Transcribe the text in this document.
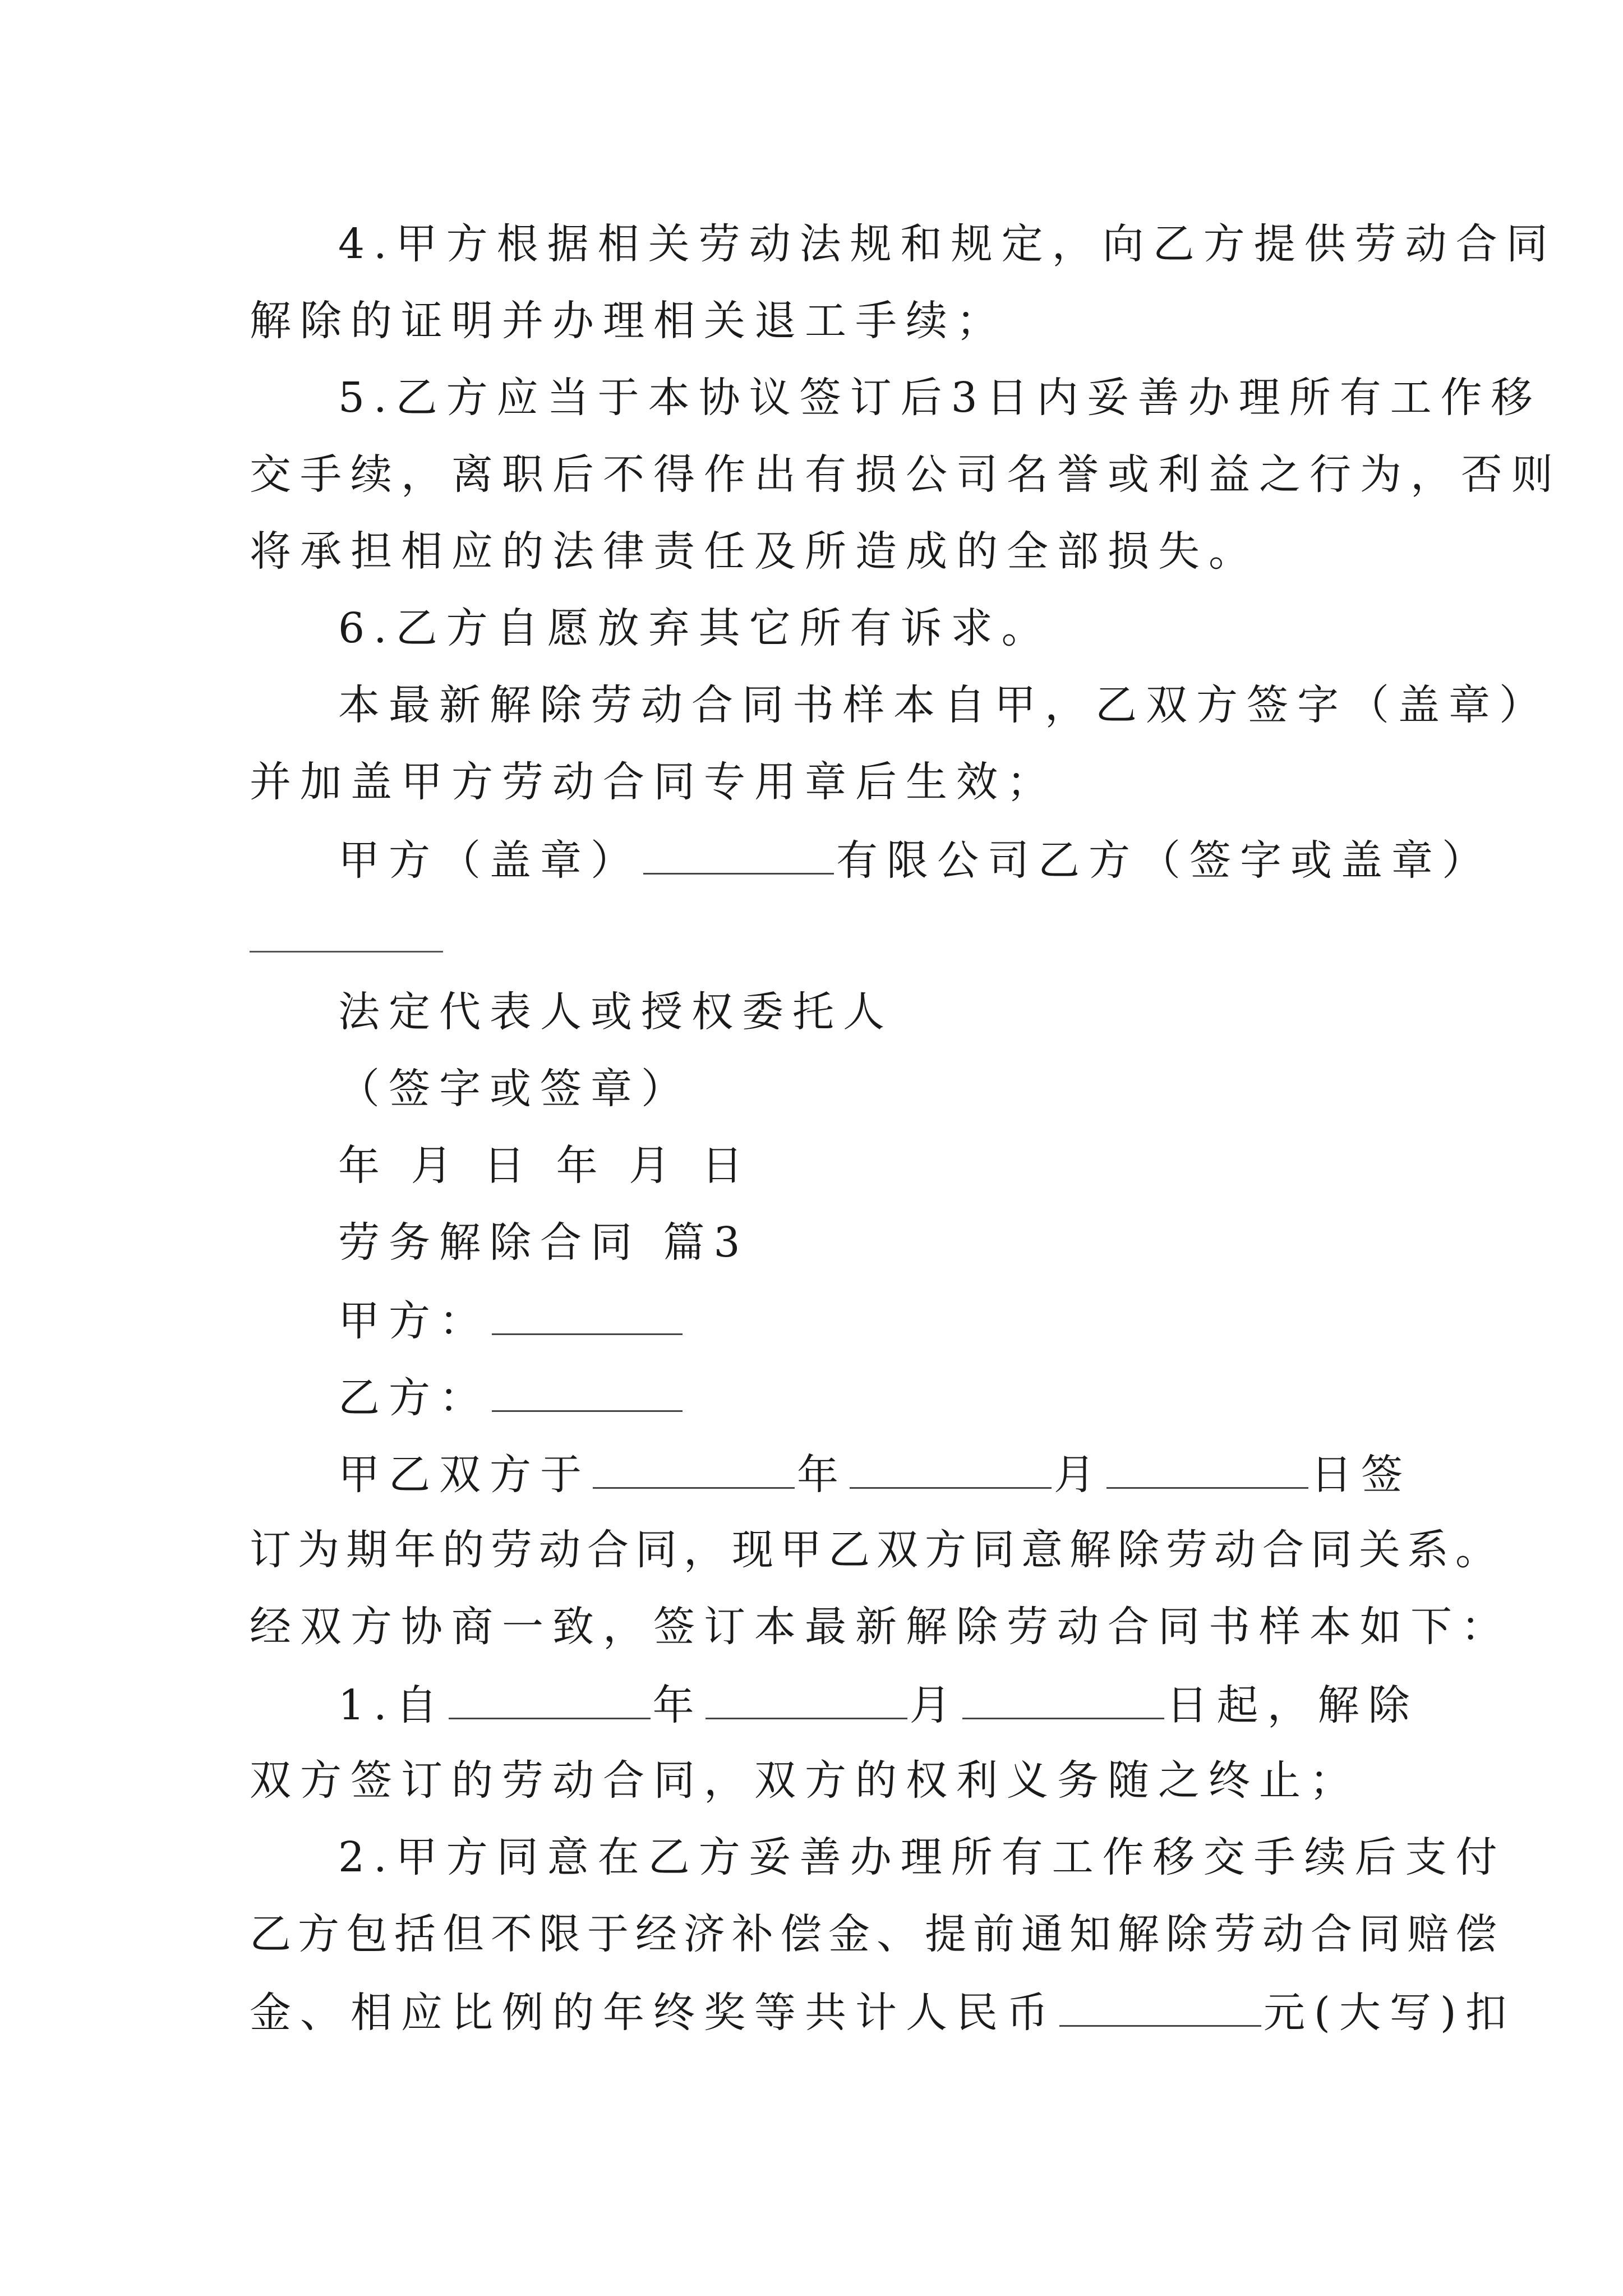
4.甲方根据相关劳动法规和规定，向乙方提供劳动合同
解除的证明并办理相关退工手续；
5.乙方应当于本协议签订后3日内妥善办理所有工作移
交手续，离职后不得作出有损公司名誉或利益之行为，否则
将承担相应的法律责任及所造成的全部损失。
6.乙方自愿放弃其它所有诉求。
本最新解除劳动合同书样本自甲，乙双方签字（盖章）
并加盖甲方劳动合同专用章后生效；
甲方（盖章）	有限公司乙方（签字或盖章）
法定代表人或授权委托人
（签字或签章）
年 月 日 年 月 日
劳务解除合同 篇3
甲方：
乙方：
甲乙双方于	年	月	日签
订为期年的劳动合同，现甲乙双方同意解除劳动合同关系。
经双方协商一致，签订本最新解除劳动合同书样本如下：
1.自	年	月	日起，解除
双方签订的劳动合同，双方的权利义务随之终止；
2.甲方同意在乙方妥善办理所有工作移交手续后支付
乙方包括但不限于经济补偿金、提前通知解除劳动合同赔偿
金、相应比例的年终奖等共计人民币	元(大写)扣
